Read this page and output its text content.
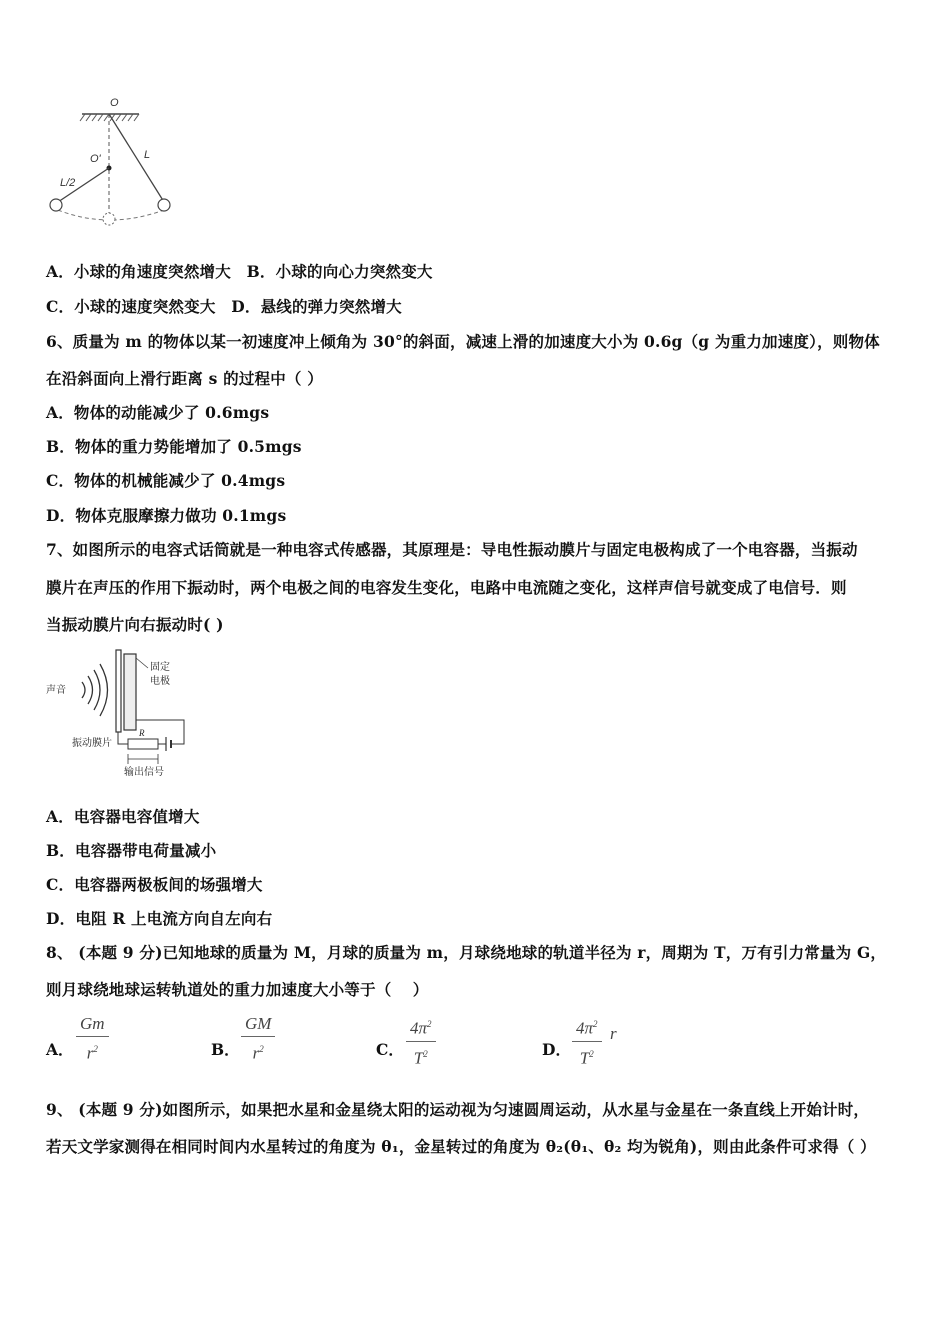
O
O'	L
L/2
A．小球的角速度突然增大　B．小球的向心力突然变大
C．小球的速度突然变大　D．悬线的弹力突然增大
6、质量为 m 的物体以某一初速度冲上倾角为 30°的斜面，减速上滑的加速度大小为 0.6g（g 为重力加速度），则物体
在沿斜面向上滑行距离 s 的过程中（ ）
A．物体的动能减少了 0.6mgs
B．物体的重力势能增加了 0.5mgs
C．物体的机械能减少了 0.4mgs
D．物体克服摩擦力做功 0.1mgs
7、如图所示的电容式话筒就是一种电容式传感器，其原理是：导电性振动膜片与固定电极构成了一个电容器，当振动
膜片在声压的作用下振动时，两个电极之间的电容发生变化，电路中电流随之变化，这样声信号就变成了电信号．则
当振动膜片向右振动时( )
声音
固定
电极
R
振动膜片
输出信号
A．电容器电容值增大
B．电容器带电荷量减小
C．电容器两极板间的场强增大
D．电阻 R 上电流方向自左向右
8、 (本题 9 分)已知地球的质量为 M，月球的质量为 m，月球绕地球的轨道半径为 r，周期为 T，万有引力常量为 G，
则月球绕地球运转轨道处的重力加速度大小等于（　 ）
A． $\frac{Gm}{r^2}$	B． $\frac{GM}{r^2}$	C． $\frac{4\pi^2}{T^2}$	D． $\frac{4\pi^2}{T^2}$ r
9、 (本题 9 分)如图所示，如果把水星和金星绕太阳的运动视为匀速圆周运动，从水星与金星在一条直线上开始计时，
若天文学家测得在相同时间内水星转过的角度为 θ₁，金星转过的角度为 θ₂(θ₁、θ₂ 均为锐角)，则由此条件可求得（ ）
